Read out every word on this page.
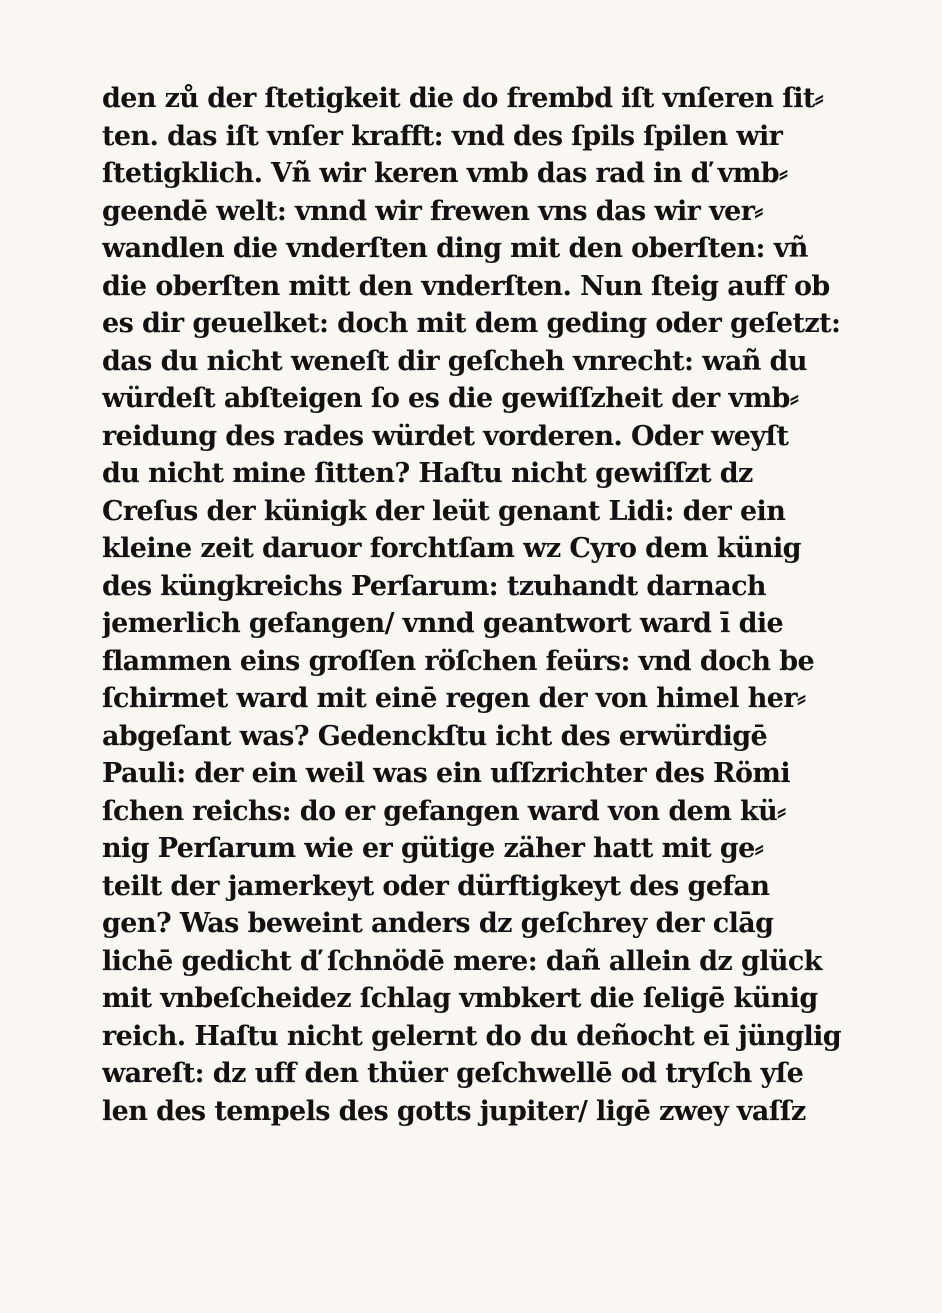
den zů der ſtetigkeit die do frembd iſt vnſeren ſit⸗
ten. das iſt vnſer krafft: vnd des ſpils ſpilen wir
ſtetigklich. Vñ wir keren vmb das rad in ď vmb⸗
geendē welt: vnnd wir frewen vns das wir ver⸗
wandlen die vnderſten ding mit den oberſten: vñ
die oberſten mitt den vnderſten. Nun ſteig auff ob
es dir geuelket: doch mit dem geding oder geſetzt:
das du nicht weneſt dir geſcheh vnrecht: wañ du
würdeſt abſteigen ſo es die gewiſſzheit der vmb⸗
reidung des rades würdet vorderen. Oder weyſt
du nicht mine ſitten? Haſtu nicht gewiſſzt dz
Creſus der künigk der leüt genant Lidi: der ein
kleine zeit daruor forchtſam wz Cyro dem künig
des küngkreichs Perſarum: tzuhandt darnach
jemerlich gefangen/ vnnd geantwort ward ī die
flammen eins groſſen röſchen feürs: vnd doch be
ſchirmet ward mit einē regen der von himel her⸗
abgeſant was? Gedenckſtu icht des erwürdigē
Pauli: der ein weil was ein uſſzrichter des Römi
ſchen reichs: do er gefangen ward von dem kü⸗
nig Perſarum wie er gütige zäher hatt mit ge⸗
teilt der jamerkeyt oder dürftigkeyt des gefan
gen? Was beweint anders dz geſchrey der clāg
lichē gedicht ď ſchnödē mere: dañ allein dz glück
mit vnbeſcheidez ſchlag vmbkert die ſeligē künig
reich. Haſtu nicht gelernt do du deñocht eī jünglig
wareſt: dz uff den thüer geſchwellē od tryſch yſe
len des tempels des gotts jupiter/ ligē zwey vaſſz
